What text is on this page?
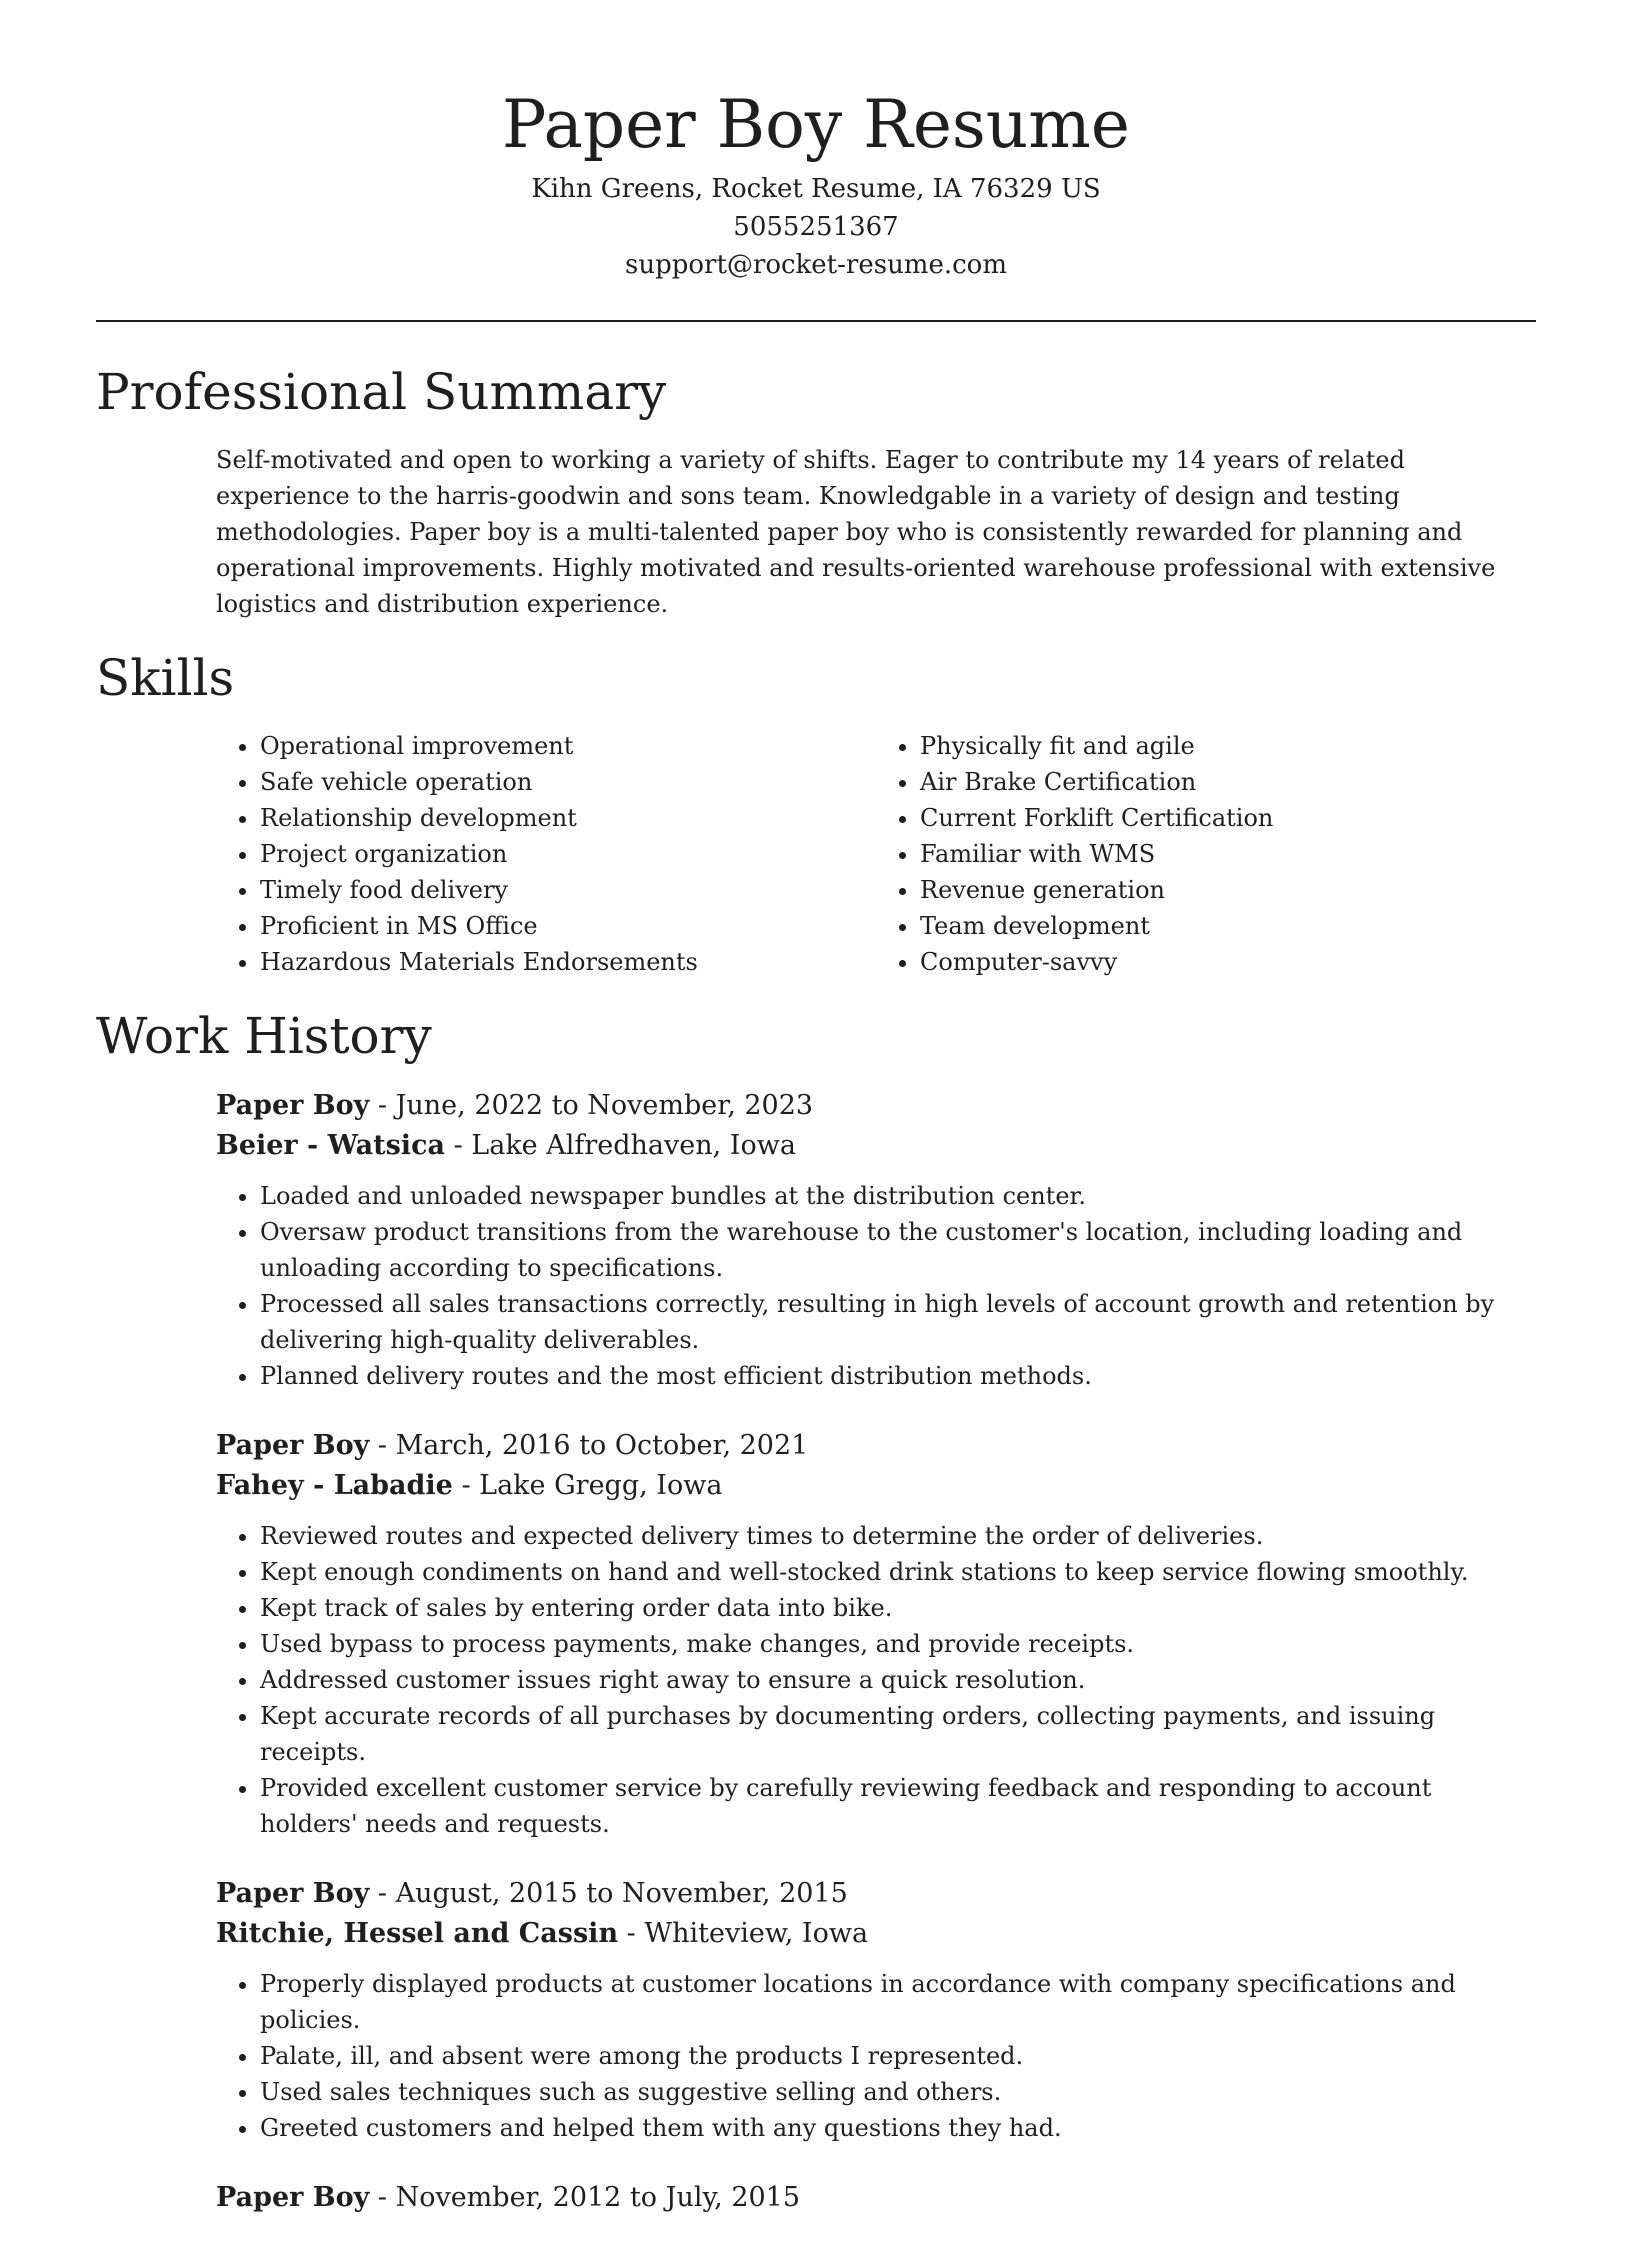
Paper Boy Resume
Kihn Greens, Rocket Resume, IA 76329 US
5055251367
support@rocket-resume.com
Professional Summary

Self-motivated and open to working a variety of shifts. Eager to contribute my 14 years of related experience to the harris-goodwin and sons team. Knowledgable in a variety of design and testing methodologies. Paper boy is a multi-talented paper boy who is consistently rewarded for planning and operational improvements. Highly motivated and results-oriented warehouse professional with extensive logistics and distribution experience.

Skills
• Operational improvement
• Safe vehicle operation
• Relationship development
• Project organization
• Timely food delivery
• Proficient in MS Office
• Hazardous Materials Endorsements
• Physically fit and agile
• Air Brake Certification
• Current Forklift Certification
• Familiar with WMS
• Revenue generation
• Team development
• Computer-savvy
Work History
Paper Boy - June, 2022 to November, 2023
Beier - Watsica - Lake Alfredhaven, Iowa
• Loaded and unloaded newspaper bundles at the distribution center.
• Oversaw product transitions from the warehouse to the customer's location, including loading and unloading according to specifications.
• Processed all sales transactions correctly, resulting in high levels of account growth and retention by delivering high-quality deliverables.
• Planned delivery routes and the most efficient distribution methods.
Paper Boy - March, 2016 to October, 2021
Fahey - Labadie - Lake Gregg, Iowa
• Reviewed routes and expected delivery times to determine the order of deliveries.
• Kept enough condiments on hand and well-stocked drink stations to keep service flowing smoothly.
• Kept track of sales by entering order data into bike.
• Used bypass to process payments, make changes, and provide receipts.
• Addressed customer issues right away to ensure a quick resolution.
• Kept accurate records of all purchases by documenting orders, collecting payments, and issuing receipts.
• Provided excellent customer service by carefully reviewing feedback and responding to account holders' needs and requests.
Paper Boy - August, 2015 to November, 2015
Ritchie, Hessel and Cassin - Whiteview, Iowa
• Properly displayed products at customer locations in accordance with company specifications and policies.
• Palate, ill, and absent were among the products I represented.
• Used sales techniques such as suggestive selling and others.
• Greeted customers and helped them with any questions they had.
Paper Boy - November, 2012 to July, 2015
